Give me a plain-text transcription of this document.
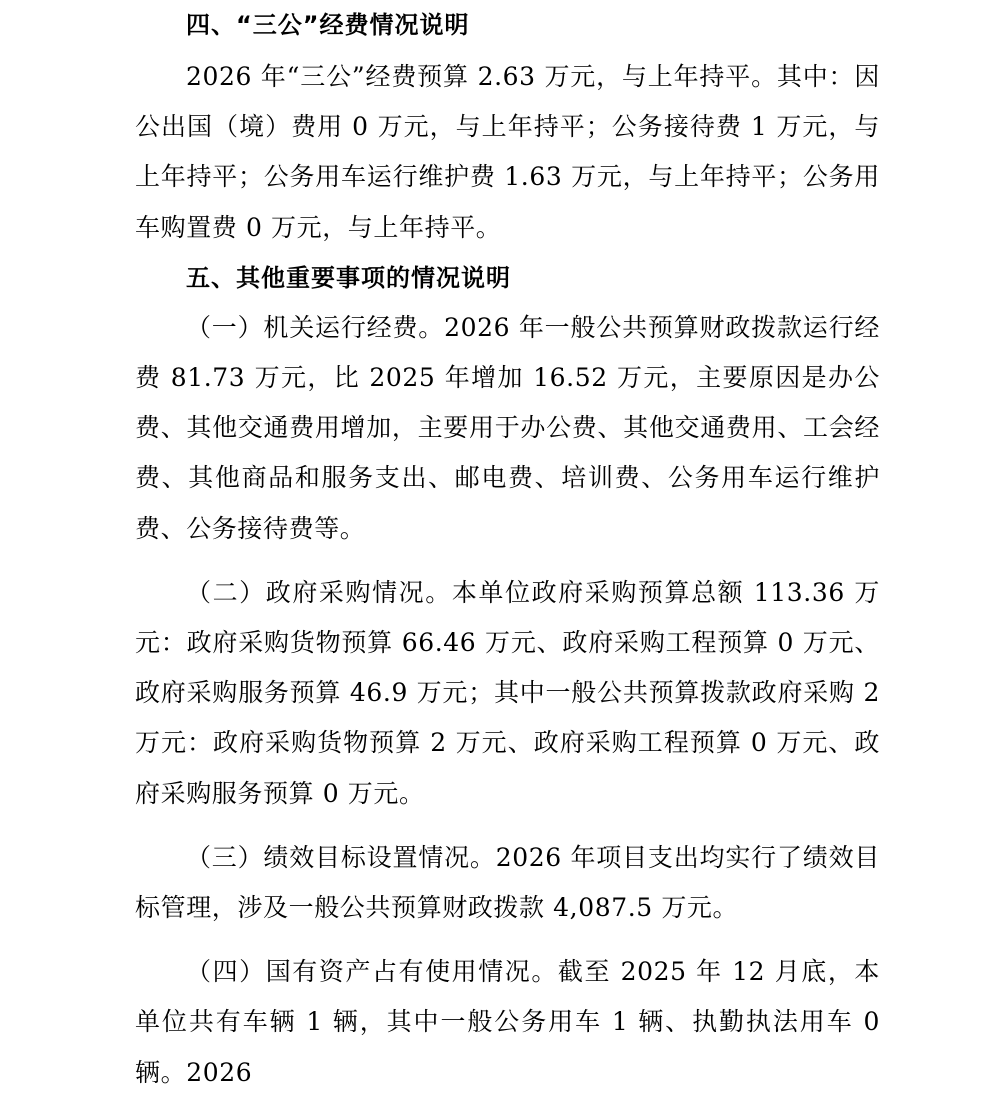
四、“三公”经费情况说明

2026 年“三公”经费预算 2.63 万元，与上年持平。其中：因公出国（境）费用 0 万元，与上年持平；公务接待费 1 万元，与上年持平；公务用车运行维护费 1.63 万元，与上年持平；公务用车购置费 0 万元，与上年持平。

五、其他重要事项的情况说明

（一）机关运行经费。2026 年一般公共预算财政拨款运行经费 81.73 万元，比 2025 年增加 16.52 万元，主要原因是办公费、其他交通费用增加，主要用于办公费、其他交通费用、工会经费、其他商品和服务支出、邮电费、培训费、公务用车运行维护费、公务接待费等。

（二）政府采购情况。本单位政府采购预算总额 113.36 万元：政府采购货物预算 66.46 万元、政府采购工程预算 0 万元、政府采购服务预算 46.9 万元；其中一般公共预算拨款政府采购 2 万元：政府采购货物预算 2 万元、政府采购工程预算 0 万元、政府采购服务预算 0 万元。

（三）绩效目标设置情况。2026 年项目支出均实行了绩效目标管理，涉及一般公共预算财政拨款 4,087.5 万元。

（四）国有资产占有使用情况。截至 2025 年 12 月底，本单位共有车辆 1 辆，其中一般公务用车 1 辆、执勤执法用车 0 辆。2026
